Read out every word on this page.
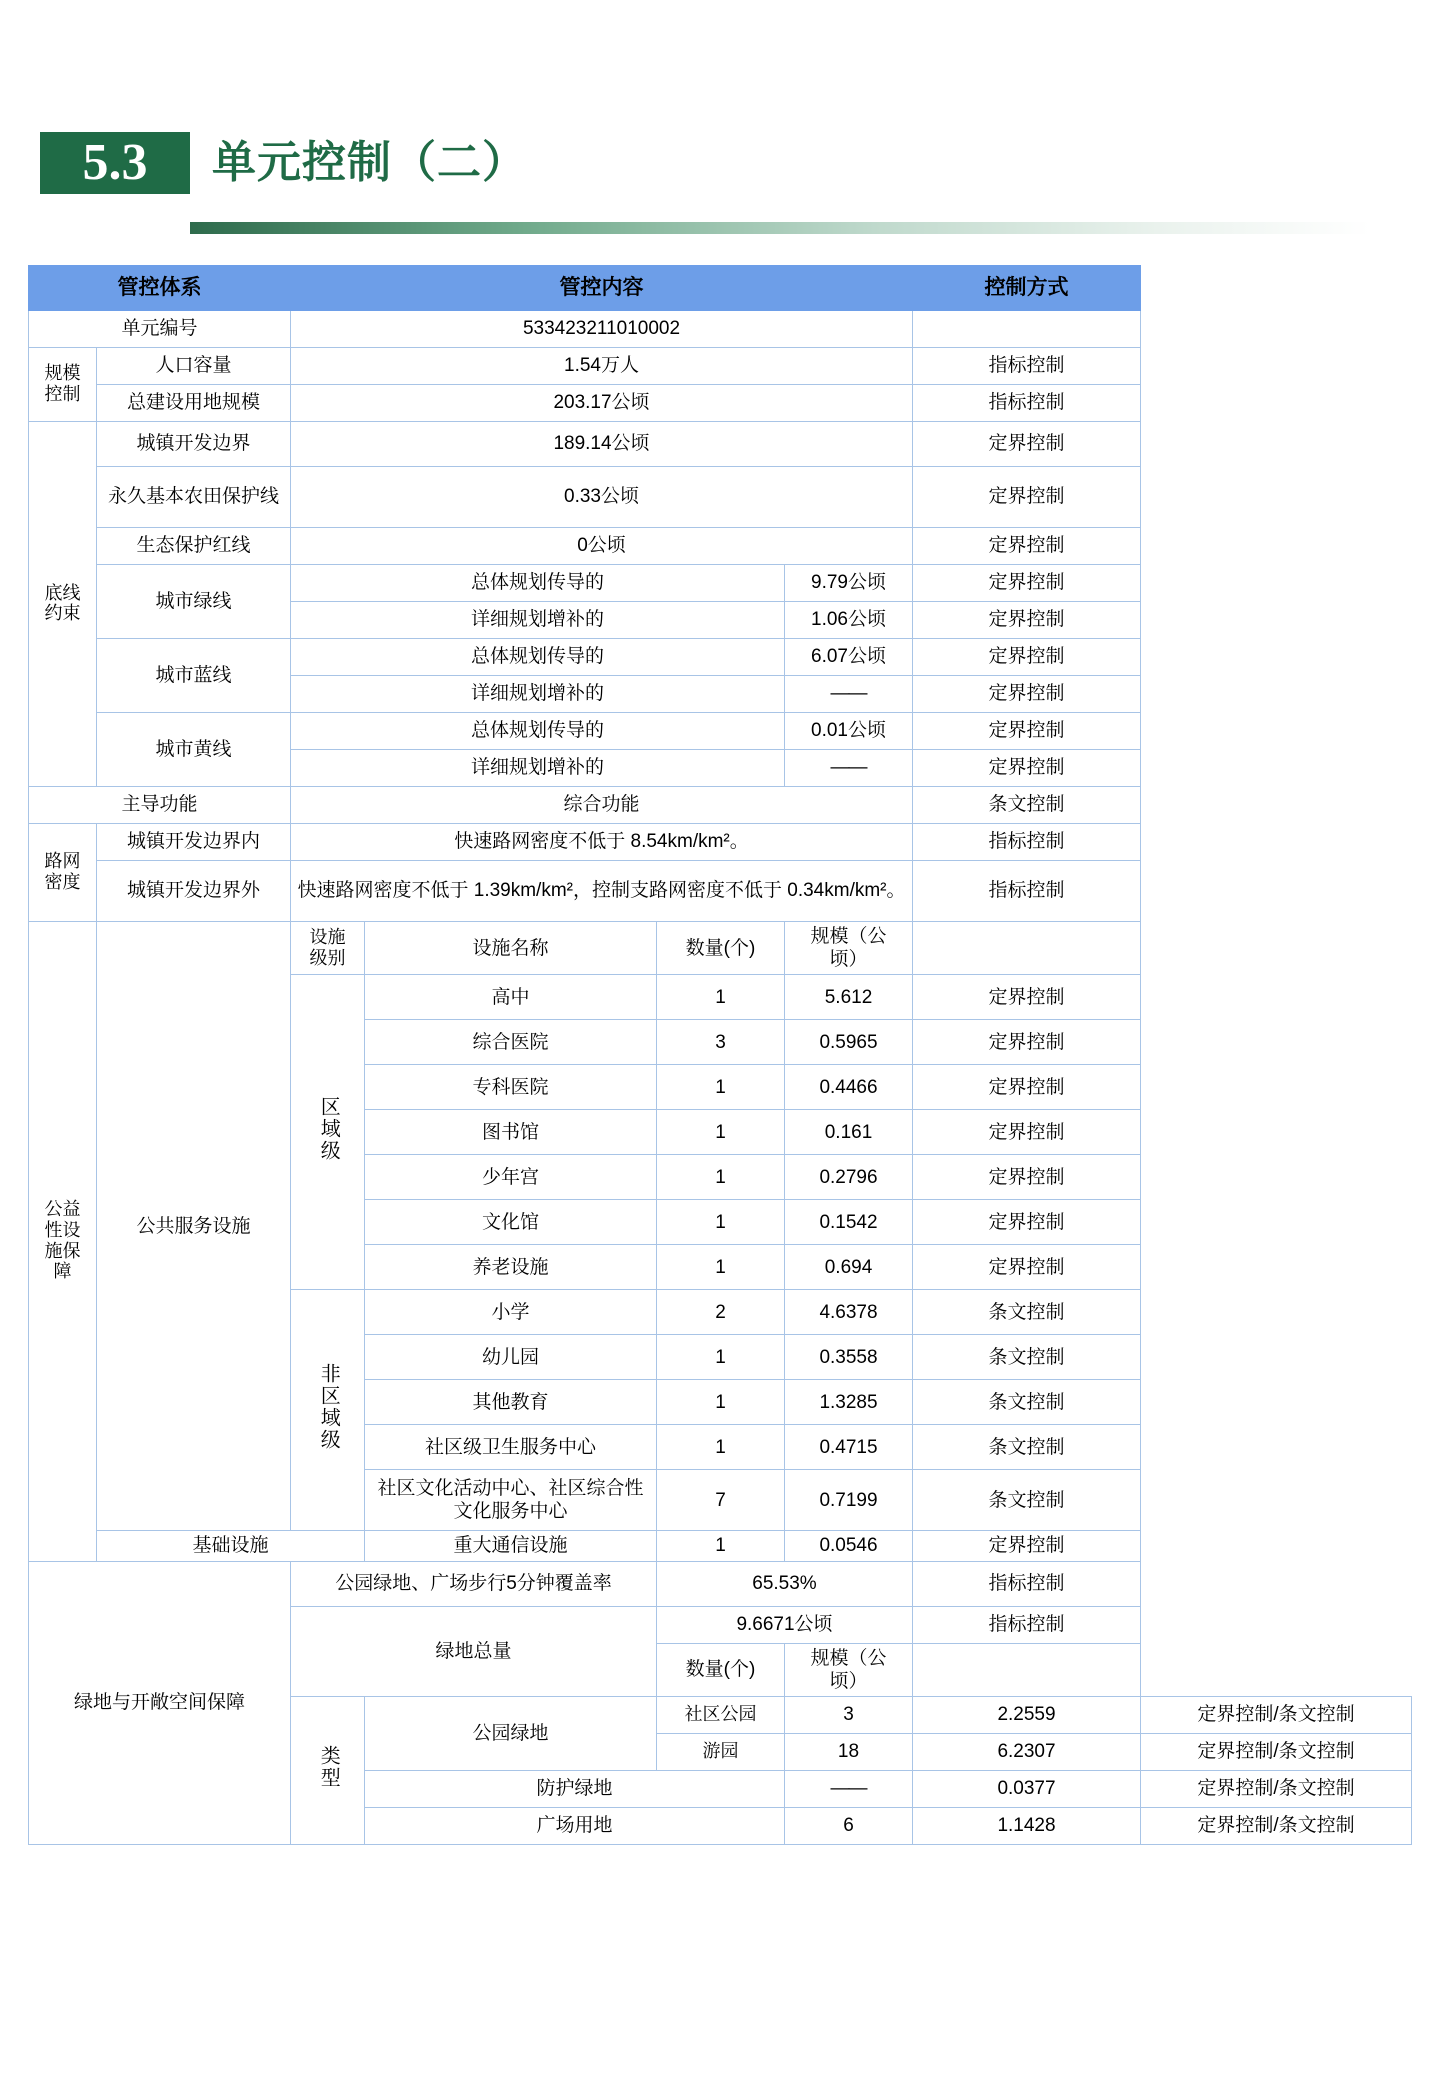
5.3	单元控制（二）
管控体系		管控内容				控制方式	
单元编号		533423211010002					
规模控制	人口容量	1.54万人				指标控制	
	总建设用地规模	203.17公顷				指标控制	
底线约束	城镇开发边界	189.14公顷				定界控制	
	永久基本农田保护线	0.33公顷				定界控制	
	生态保护红线	0公顷				定界控制	
	城市绿线	总体规划传导的			9.79公顷	定界控制	
		详细规划增补的			1.06公顷	定界控制	
	城市蓝线	总体规划传导的			6.07公顷	定界控制	
		详细规划增补的			——	定界控制	
	城市黄线	总体规划传导的			0.01公顷	定界控制	
		详细规划增补的			——	定界控制	
主导功能		综合功能				条文控制	
路网密度	城镇开发边界内	快速路网密度不低于 8.54km/km²。				指标控制	
	城镇开发边界外	快速路网密度不低于 1.39km/km²，控制支路网密度不低于 0.34km/km²。				指标控制	
公益性设施保障	公共服务设施	设施级别	设施名称	数量(个)	规模（公
顷）		
		区域级	高中	1	5.612	定界控制	
			综合医院	3	0.5965	定界控制	
			专科医院	1	0.4466	定界控制	
			图书馆	1	0.161	定界控制	
			少年宫	1	0.2796	定界控制	
			文化馆	1	0.1542	定界控制	
			养老设施	1	0.694	定界控制	
		非区域级	小学	2	4.6378	条文控制	
			幼儿园	1	0.3558	条文控制	
			其他教育	1	1.3285	条文控制	
			社区级卫生服务中心	1	0.4715	条文控制	
			社区文化活动中心、社区综合性文化服务中心	7	0.7199	条文控制	
	基础设施		重大通信设施	1	0.0546	定界控制	
绿地与开敞空间保障		公园绿地、广场步行5分钟覆盖率		65.53%		指标控制	
		绿地总量		9.6671公顷		指标控制	
				数量(个)	规模（公
顷）		
		类型	公园绿地	社区公园	3	2.2559	定界控制/条文控制
				游园	18	6.2307	定界控制/条文控制
			防护绿地		——	0.0377	定界控制/条文控制
			广场用地		6	1.1428	定界控制/条文控制
